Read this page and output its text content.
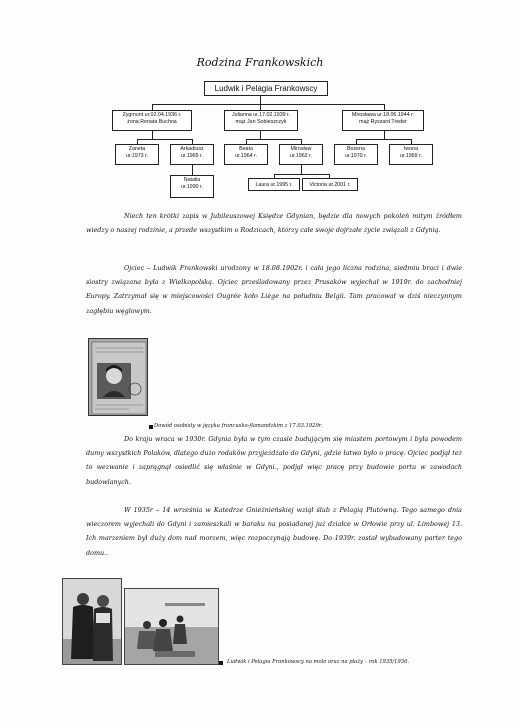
Rodzina Frankowskich
Ludwik i Pelagia Frankowscy
Zygmunt ur.02.04.1936 r.
żona Renata Buchna
Julianna ur.17.02.1939 r.
mąż Jan Sobieszczyk
Mirosława ur.18.06.1944 r.
mąż Ryszard Treder
Zaneta
ur.1973 r.
Arkadiusz
ur.1965 r.
Beata
ur.1964 r.
Mirosław
ur.1962 r.
Bożena
ur.1970 r.
Iwona
ur.1969 r.
Natalia
ur.1990 r.	Laura ur.1995 r.	Victoria ur.2001 r.

Niech ten krótki zapis w Jubileuszowej Księdze Gdynian, będzie dla nowych pokoleń mitym źródłem wiedzy o naszej rodzinie, a przede wszystkim o Rodzicach, którzy całe swoje dojrzałe życie związali z Gdynią.

Ojciec – Ludwik Frankowski urodzony w 18.08.1902r. i cała jego liczna rodzina, siedmiu braci i dwie siostry związana była z Wielkopolską. Ojciec prześladowany przez Prusaków wyjechał w 1919r. do zachodniej Europy. Zatrzymał się w miejscowości Ougrée koło Liège na południu Belgii. Tam pracował w dziś nieczynnym zagłębiu węglowym.

Dowód osobisty w języku francusko-flamandzkim z 17.03.1929r.

Do kraju wraca w 1930r. Gdynia była w tym czasie budującym się miastem portowym i była powodem dumy wszystkich Polaków, dlatego dużo rodaków przyjeżdżało do Gdyni, gdzie łatwo było o pracę. Ojciec podjął też to wezwanie i zaprągnął osiedlić się właśnie w Gdyni., podjął więc pracę przy budowie portu w zawodach budowlanych.

W 1935r – 14 września w Katedrze Gnieźnieńskiej wziął ślub z Pelagią Plutówną. Tego samego dnia wieczorem wyjechali do Gdyni i zamieszkali w baraku na posiadanej już działce w Orłowie przy ul. Limbowej 13. Ich marzeniem był duży dom nad morzem, więc rozpoczynają budowę. Do 1939r. został wybudowany parter tego domu..

Ludwik i Pelagia Frankowscy na molo oraz na plaży – rok 1935/1936.
